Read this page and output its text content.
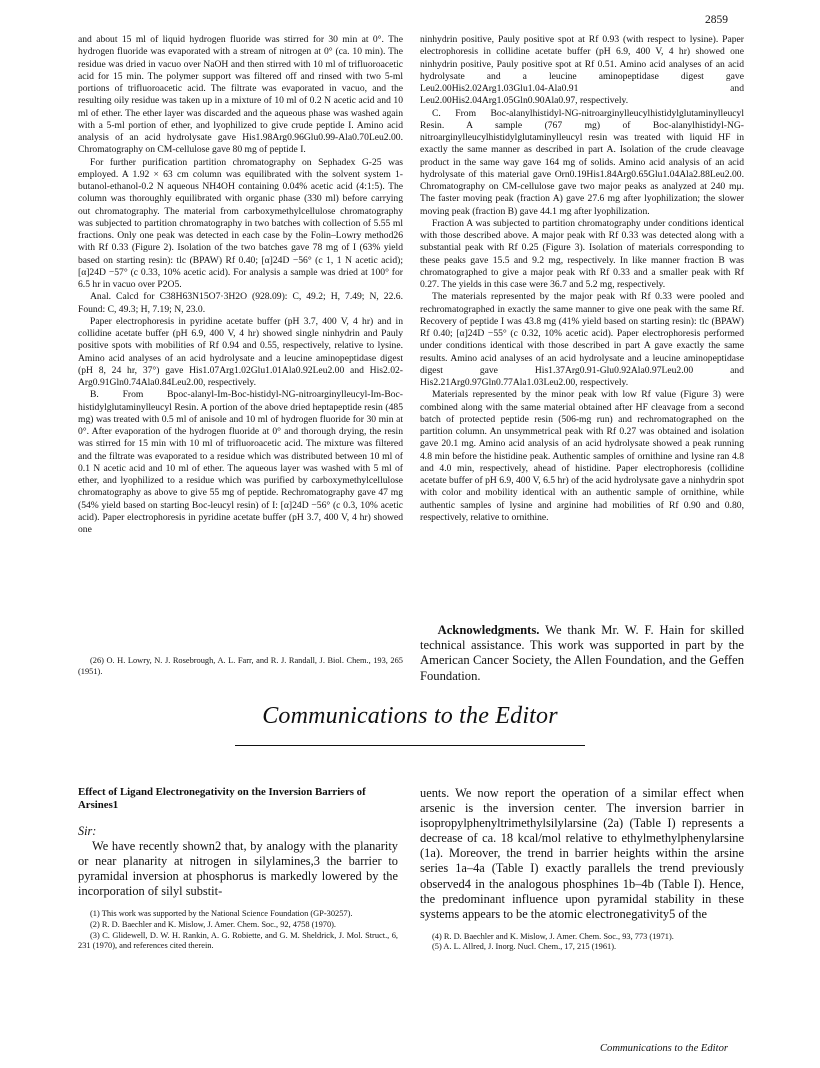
2859

and about 15 ml of liquid hydrogen fluoride was stirred for 30 min at 0°. The hydrogen fluoride was evaporated with a stream of nitrogen at 0° (ca. 10 min). The residue was dried in vacuo over NaOH and then stirred with 10 ml of trifluoroacetic acid for 15 min. The polymer support was filtered off and rinsed with two 5-ml portions of trifluoroacetic acid. The filtrate was evaporated in vacuo, and the resulting oily residue was taken up in a mixture of 10 ml of 0.2 N acetic acid and 10 ml of ether. The ether layer was discarded and the aqueous phase was washed again with a 5-ml portion of ether, and lyophilized to give crude peptide I. Amino acid analysis of an acid hydrolysate gave His1.98Arg0.96Glu0.99-Ala0.70Leu2.00. Chromatography on CM-cellulose gave 80 mg of peptide I.

For further purification partition chromatography on Sephadex G-25 was employed. A 1.92 × 63 cm column was equilibrated with the solvent system 1-butanol-ethanol-0.2 N aqueous NH4OH containing 0.04% acetic acid (4:1:5). The column was thoroughly equilibrated with organic phase (330 ml) before carrying out chromatography. The material from carboxymethylcellulose chromatography was subjected to partition chromatography in two batches with collection of 5.55 ml fractions. Only one peak was detected in each case by the Folin–Lowry method26 with Rf 0.33 (Figure 2). Isolation of the two batches gave 78 mg of I (63% yield based on starting resin): tlc (BPAW) Rf 0.40; [α]24D −56° (c 1, 1 N acetic acid); [α]24D −57° (c 0.33, 10% acetic acid). For analysis a sample was dried at 100° for 6.5 hr in vacuo over P2O5.

Anal. Calcd for C38H63N15O7·3H2O (928.09): C, 49.2; H, 7.49; N, 22.6. Found: C, 49.3; H, 7.19; N, 23.0.

Paper electrophoresis in pyridine acetate buffer (pH 3.7, 400 V, 4 hr) and in collidine acetate buffer (pH 6.9, 400 V, 4 hr) showed single ninhydrin and Pauly positive spots with mobilities of Rf 0.94 and 0.55, respectively, relative to lysine. Amino acid analyses of an acid hydrolysate and a leucine aminopeptidase digest (pH 8, 24 hr, 37°) gave His1.07Arg1.02Glu1.01Ala0.92Leu2.00 and His2.02-Arg0.91Gln0.74Ala0.84Leu2.00, respectively.

B. From Bpoc-alanyl-Im-Boc-histidyl-NG-nitroarginylleucyl-Im-Boc-histidylglutaminylleucyl Resin. A portion of the above dried heptapeptide resin (485 mg) was treated with 0.5 ml of anisole and 10 ml of hydrogen fluoride for 30 min at 0°. After evaporation of the hydrogen fluoride at 0° and thorough drying, the resin was stirred for 15 min with 10 ml of trifluoroacetic acid. The mixture was filtered and the filtrate was evaporated to a residue which was distributed between 10 ml of 0.1 N acetic acid and 10 ml of ether. The aqueous layer was washed with 5 ml of ether, and lyophilized to a residue which was purified by carboxymethylcellulose chromatography as above to give 55 mg of peptide. Rechromatography gave 47 mg (54% yield based on starting Boc-leucyl resin) of I: [α]24D −56° (c 0.3, 10% acetic acid). Paper electrophoresis in pyridine acetate buffer (pH 3.7, 400 V, 4 hr) showed one

(26) O. H. Lowry, N. J. Rosebrough, A. L. Farr, and R. J. Randall, J. Biol. Chem., 193, 265 (1951).

ninhydrin positive, Pauly positive spot at Rf 0.93 (with respect to lysine). Paper electrophoresis in collidine acetate buffer (pH 6.9, 400 V, 4 hr) showed one ninhydrin positive, Pauly positive spot at Rf 0.51. Amino acid analyses of an acid hydrolysate and a leucine aminopeptidase digest gave Leu2.00His2.02Arg1.03Glu1.04-Ala0.91 and Leu2.00His2.04Arg1.05Gln0.90Ala0.97, respectively.

C. From Boc-alanylhistidyl-NG-nitroarginylleucylhistidylglutaminylleucyl Resin. A sample (767 mg) of Boc-alanylhistidyl-NG-nitroarginylleucylhistidylglutaminylleucyl resin was treated with liquid HF in exactly the same manner as described in part A. Isolation of the crude cleavage product in the same way gave 164 mg of solids. Amino acid analysis of an acid hydrolysate of this material gave Orn0.19His1.84Arg0.65Glu1.04Ala2.88Leu2.00. Chromatography on CM-cellulose gave two major peaks as analyzed at 240 mμ. The faster moving peak (fraction A) gave 27.6 mg after lyophilization; the slower moving peak (fraction B) gave 44.1 mg after lyophilization.

Fraction A was subjected to partition chromatography under conditions identical with those described above. A major peak with Rf 0.33 was detected along with a substantial peak with Rf 0.25 (Figure 3). Isolation of materials corresponding to these peaks gave 15.5 and 9.2 mg, respectively. In like manner fraction B was chromatographed to give a major peak with Rf 0.33 and a smaller peak with Rf 0.27. The yields in this case were 36.7 and 5.2 mg, respectively.

The materials represented by the major peak with Rf 0.33 were pooled and rechromatographed in exactly the same manner to give one peak with the same Rf. Recovery of peptide I was 43.8 mg (41% yield based on starting resin): tlc (BPAW) Rf 0.40; [α]24D −55° (c 0.32, 10% acetic acid). Paper electrophoresis performed under conditions identical with those described in part A gave exactly the same results. Amino acid analyses of an acid hydrolysate and a leucine aminopeptidase digest gave His1.37Arg0.91-Glu0.92Ala0.97Leu2.00 and His2.21Arg0.97Gln0.77Ala1.03Leu2.00, respectively.

Materials represented by the minor peak with low Rf value (Figure 3) were combined along with the same material obtained after HF cleavage from a second batch of protected peptide resin (506-mg run) and rechromatographed on the partition column. An unsymmetrical peak with Rf 0.27 was obtained and isolation gave 20.1 mg. Amino acid analysis of an acid hydrolysate showed a peak running 4.8 min before the histidine peak. Authentic samples of ornithine and lysine ran 4.8 and 4.0 min, respectively, ahead of histidine. Paper electrophoresis (collidine acetate buffer of pH 6.9, 400 V, 6.5 hr) of the acid hydrolysate gave a ninhydrin spot with color and mobility identical with an authentic sample of ornithine, while authentic samples of lysine and arginine had mobilities of Rf 0.90 and 0.80, respectively, relative to ornithine.

Acknowledgments. We thank Mr. W. F. Hain for skilled technical assistance. This work was supported in part by the American Cancer Society, the Allen Foundation, and the Geffen Foundation.
Communications to the Editor
Effect of Ligand Electronegativity on the Inversion Barriers of Arsines1
Sir:

We have recently shown2 that, by analogy with the planarity or near planarity at nitrogen in silylamines,3 the barrier to pyramidal inversion at phosphorus is markedly lowered by the incorporation of silyl substit-

(1) This work was supported by the National Science Foundation (GP-30257).

(2) R. D. Baechler and K. Mislow, J. Amer. Chem. Soc., 92, 4758 (1970).

(3) C. Glidewell, D. W. H. Rankin, A. G. Robiette, and G. M. Sheldrick, J. Mol. Struct., 6, 231 (1970), and references cited therein.

uents. We now report the operation of a similar effect when arsenic is the inversion center. The inversion barrier in isopropylphenyltrimethylsilylarsine (2a) (Table I) represents a decrease of ca. 18 kcal/mol relative to ethylmethylphenylarsine (1a). Moreover, the trend in barrier heights within the arsine series 1a–4a (Table I) exactly parallels the trend previously observed4 in the analogous phosphines 1b–4b (Table I). Hence, the predominant influence upon pyramidal stability in these systems appears to be the atomic electronegativity5 of the

(4) R. D. Baechler and K. Mislow, J. Amer. Chem. Soc., 93, 773 (1971).

(5) A. L. Allred, J. Inorg. Nucl. Chem., 17, 215 (1961).

Communications to the Editor
